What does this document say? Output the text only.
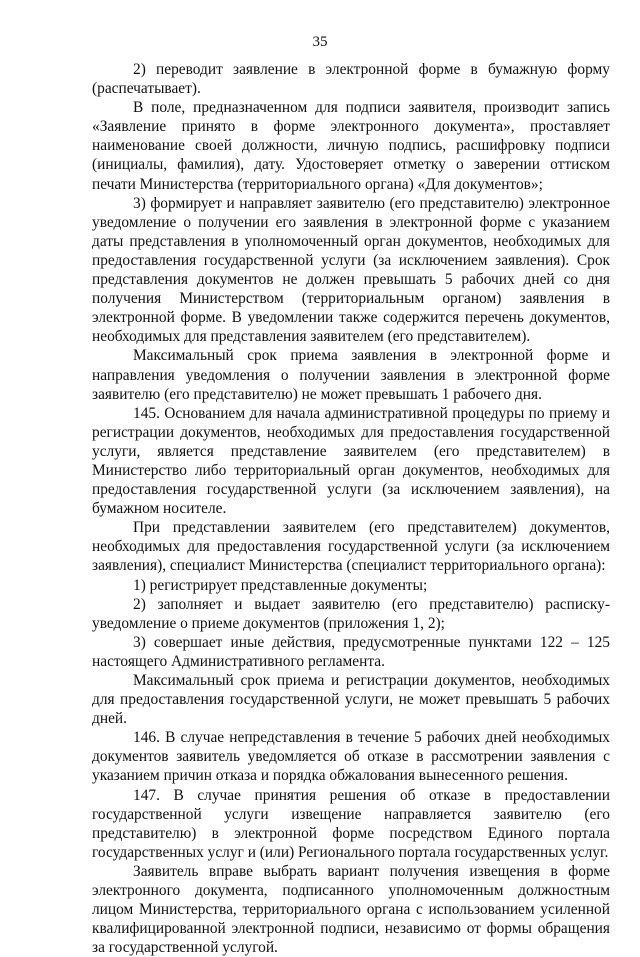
35

2) переводит заявление в электронной форме в бумажную форму (распечатывает).

В поле, предназначенном для подписи заявителя, производит запись «Заявление принято в форме электронного документа», проставляет наименование своей должности, личную подпись, расшифровку подписи (инициалы, фамилия), дату. Удостоверяет отметку о заверении оттиском печати Министерства (территориального органа) «Для документов»;

3) формирует и направляет заявителю (его представителю) электронное уведомление о получении его заявления в электронной форме с указанием даты представления в уполномоченный орган документов, необходимых для предоставления государственной услуги (за исключением заявления). Срок представления документов не должен превышать 5 рабочих дней со дня получения Министерством (территориальным органом) заявления в электронной форме. В уведомлении также содержится перечень документов, необходимых для представления заявителем (его представителем).

Максимальный срок приема заявления в электронной форме и направления уведомления о получении заявления в электронной форме заявителю (его представителю) не может превышать 1 рабочего дня.

145. Основанием для начала административной процедуры по приему и регистрации документов, необходимых для предоставления государственной услуги, является представление заявителем (его представителем) в Министерство либо территориальный орган документов, необходимых для предоставления государственной услуги (за исключением заявления), на бумажном носителе.

При представлении заявителем (его представителем) документов, необходимых для предоставления государственной услуги (за исключением заявления), специалист Министерства (специалист территориального органа):

1) регистрирует представленные документы;

2) заполняет и выдает заявителю (его представителю) расписку-уведомление о приеме документов (приложения 1, 2);

3) совершает иные действия, предусмотренные пунктами 122 – 125 настоящего Административного регламента.

Максимальный срок приема и регистрации документов, необходимых для предоставления государственной услуги, не может превышать 5 рабочих дней.

146. В случае непредставления в течение 5 рабочих дней необходимых документов заявитель уведомляется об отказе в рассмотрении заявления с указанием причин отказа и порядка обжалования вынесенного решения.

147. В случае принятия решения об отказе в предоставлении государственной услуги извещение направляется заявителю (его представителю) в электронной форме посредством Единого портала государственных услуг и (или) Регионального портала государственных услуг.

Заявитель вправе выбрать вариант получения извещения в форме электронного документа, подписанного уполномоченным должностным лицом Министерства, территориального органа с использованием усиленной квалифицированной электронной подписи, независимо от формы обращения за государственной услугой.
